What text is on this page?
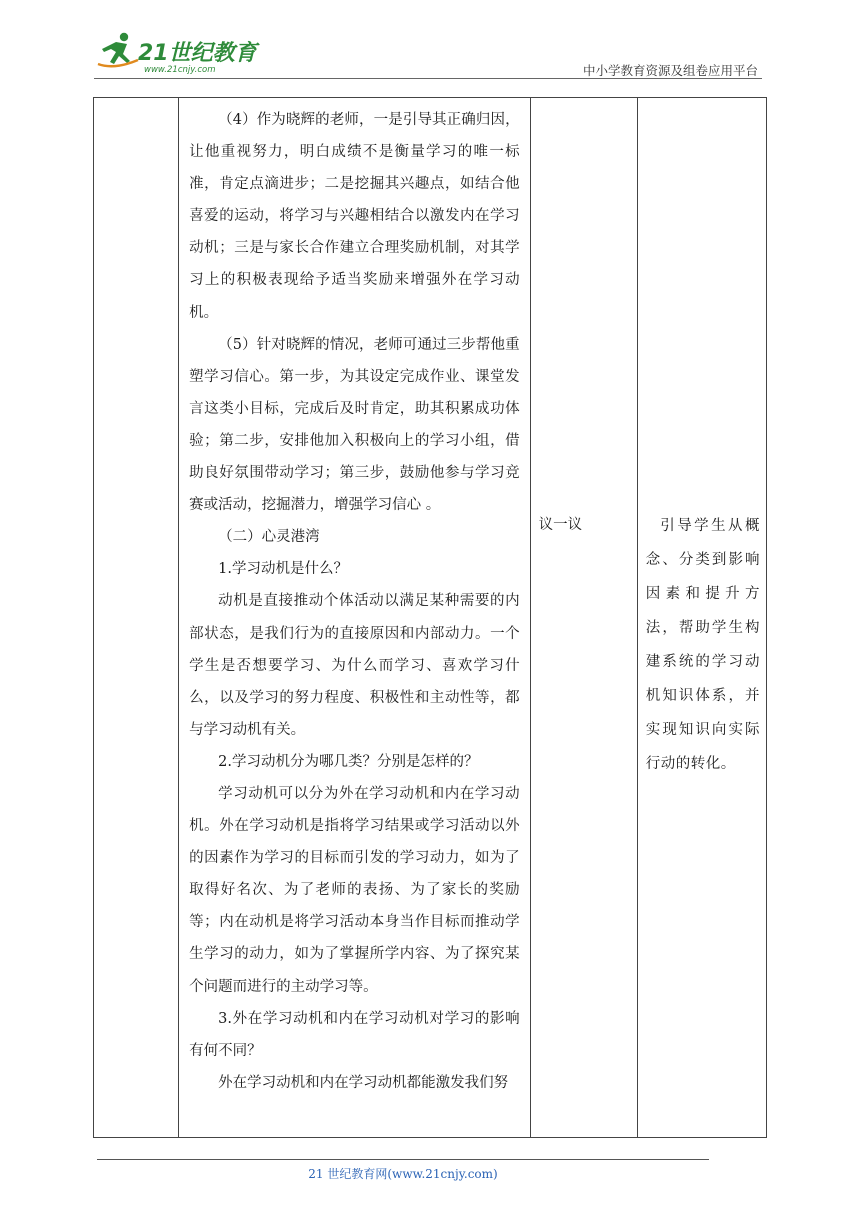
21世纪教育
www.21cnjy.com	中小学教育资源及组卷应用平台

（4）作为晓辉的老师，一是引导其正确归因，让他重视努力，明白成绩不是衡量学习的唯一标准，肯定点滴进步；二是挖掘其兴趣点，如结合他喜爱的运动，将学习与兴趣相结合以激发内在学习动机；三是与家长合作建立合理奖励机制，对其学习上的积极表现给予适当奖励来增强外在学习动机。

（5）针对晓辉的情况，老师可通过三步帮他重塑学习信心。第一步，为其设定完成作业、课堂发言这类小目标，完成后及时肯定，助其积累成功体验；第二步，安排他加入积极向上的学习小组，借助良好氛围带动学习；第三步，鼓励他参与学习竞赛或活动，挖掘潜力，增强学习信心 。

（二）心灵港湾

1.学习动机是什么？

动机是直接推动个体活动以满足某种需要的内部状态，是我们行为的直接原因和内部动力。一个学生是否想要学习、为什么而学习、喜欢学习什么，以及学习的努力程度、积极性和主动性等，都与学习动机有关。

2.学习动机分为哪几类？分别是怎样的？

学习动机可以分为外在学习动机和内在学习动机。外在学习动机是指将学习结果或学习活动以外的因素作为学习的目标而引发的学习动力，如为了取得好名次、为了老师的表扬、为了家长的奖励等；内在动机是将学习活动本身当作目标而推动学生学习的动力，如为了掌握所学内容、为了探究某个问题而进行的主动学习等。

3.外在学习动机和内在学习动机对学习的影响有何不同？

外在学习动机和内在学习动机都能激发我们努

议一议	引导学生从概念、分类到影响因素和提升方法，帮助学生构建系统的学习动机知识体系，并实现知识向实际行动的转化。

21 世纪教育网(www.21cnjy.com)
